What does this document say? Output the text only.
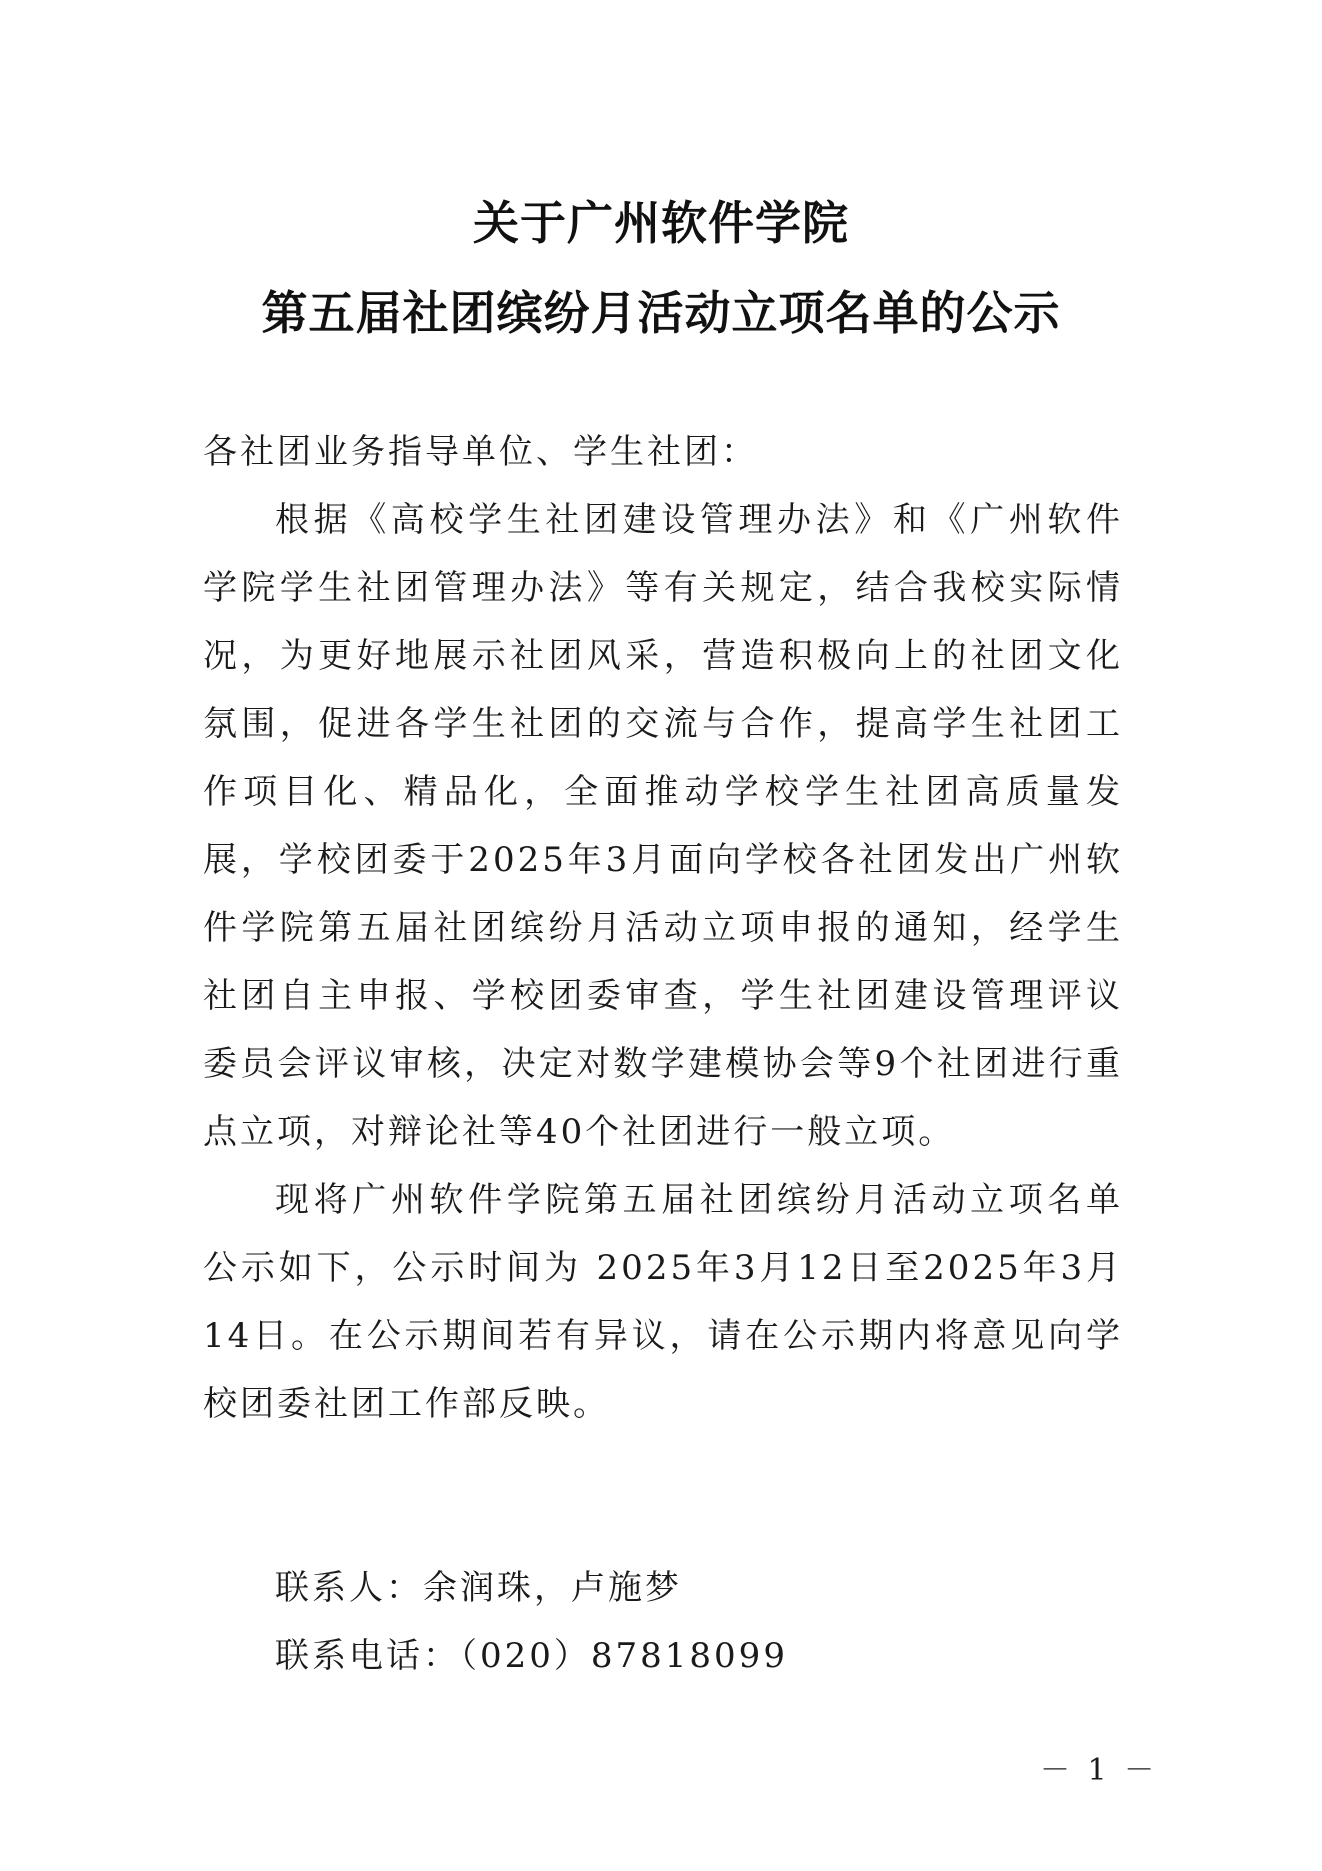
关于广州软件学院
第五届社团缤纷月活动立项名单的公示
各社团业务指导单位、学生社团：
根据《高校学生社团建设管理办法》和《广州软件学院学生社团管理办法》等有关规定，结合我校实际情况，为更好地展示社团风采，营造积极向上的社团文化氛围，促进各学生社团的交流与合作，提高学生社团工作项目化、精品化，全面推动学校学生社团高质量发展，学校团委于2025年3月面向学校各社团发出广州软件学院第五届社团缤纷月活动立项申报的通知，经学生社团自主申报、学校团委审查，学生社团建设管理评议委员会评议审核，决定对数学建模协会等9个社团进行重点立项，对辩论社等40个社团进行一般立项。
现将广州软件学院第五届社团缤纷月活动立项名单公示如下，公示时间为 2025年3月12日至2025年3月14日。在公示期间若有异议，请在公示期内将意见向学校团委社团工作部反映。
联系人：余润珠，卢施梦
联系电话：（020）87818099
－ 1 －
